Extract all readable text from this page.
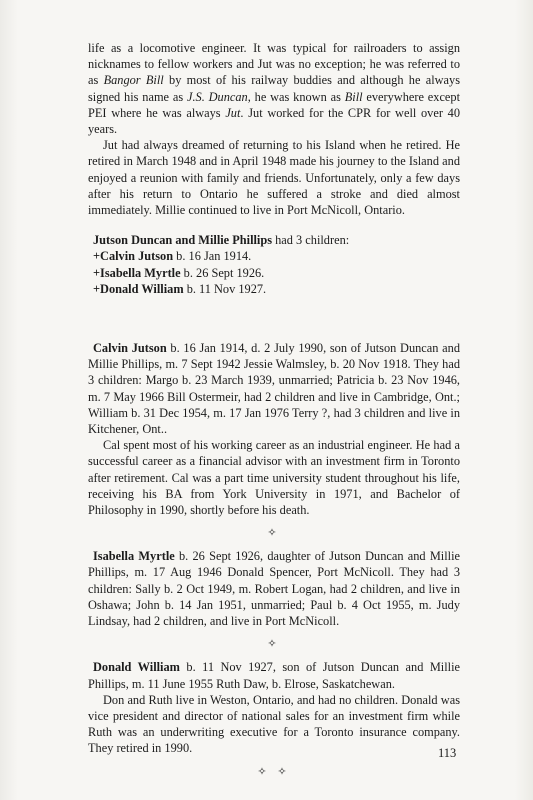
life as a locomotive engineer. It was typical for railroaders to assign nicknames to fellow workers and Jut was no exception; he was referred to as Bangor Bill by most of his railway buddies and although he always signed his name as J.S. Duncan, he was known as Bill everywhere except PEI where he was always Jut. Jut worked for the CPR for well over 40 years.

Jut had always dreamed of returning to his Island when he retired. He retired in March 1948 and in April 1948 made his journey to the Island and enjoyed a reunion with family and friends. Unfortunately, only a few days after his return to Ontario he suffered a stroke and died almost immediately. Millie continued to live in Port McNicoll, Ontario.

Jutson Duncan and Millie Phillips had 3 children:

+Calvin Jutson b. 16 Jan 1914.

+Isabella Myrtle b. 26 Sept 1926.

+Donald William b. 11 Nov 1927.

Calvin Jutson b. 16 Jan 1914, d. 2 July 1990, son of Jutson Duncan and Millie Phillips, m. 7 Sept 1942 Jessie Walmsley, b. 20 Nov 1918. They had 3 children: Margo b. 23 March 1939, unmarried; Patricia b. 23 Nov 1946, m. 7 May 1966 Bill Ostermeir, had 2 children and live in Cambridge, Ont.; William b. 31 Dec 1954, m. 17 Jan 1976 Terry ?, had 3 children and live in Kitchener, Ont..

Cal spent most of his working career as an industrial engineer. He had a successful career as a financial advisor with an investment firm in Toronto after retirement. Cal was a part time university student throughout his life, receiving his BA from York University in 1971, and Bachelor of Philosophy in 1990, shortly before his death.

✧

Isabella Myrtle b. 26 Sept 1926, daughter of Jutson Duncan and Millie Phillips, m. 17 Aug 1946 Donald Spencer, Port McNicoll. They had 3 children: Sally b. 2 Oct 1949, m. Robert Logan, had 2 children, and live in Oshawa; John b. 14 Jan 1951, unmarried; Paul b. 4 Oct 1955, m. Judy Lindsay, had 2 children, and live in Port McNicoll.

✧

Donald William b. 11 Nov 1927, son of Jutson Duncan and Millie Phillips, m. 11 June 1955 Ruth Daw, b. Elrose, Saskatchewan.

Don and Ruth live in Weston, Ontario, and had no children. Donald was vice president and director of national sales for an investment firm while Ruth was an underwriting executive for a Toronto insurance company. They retired in 1990.

✧ ✧
113
